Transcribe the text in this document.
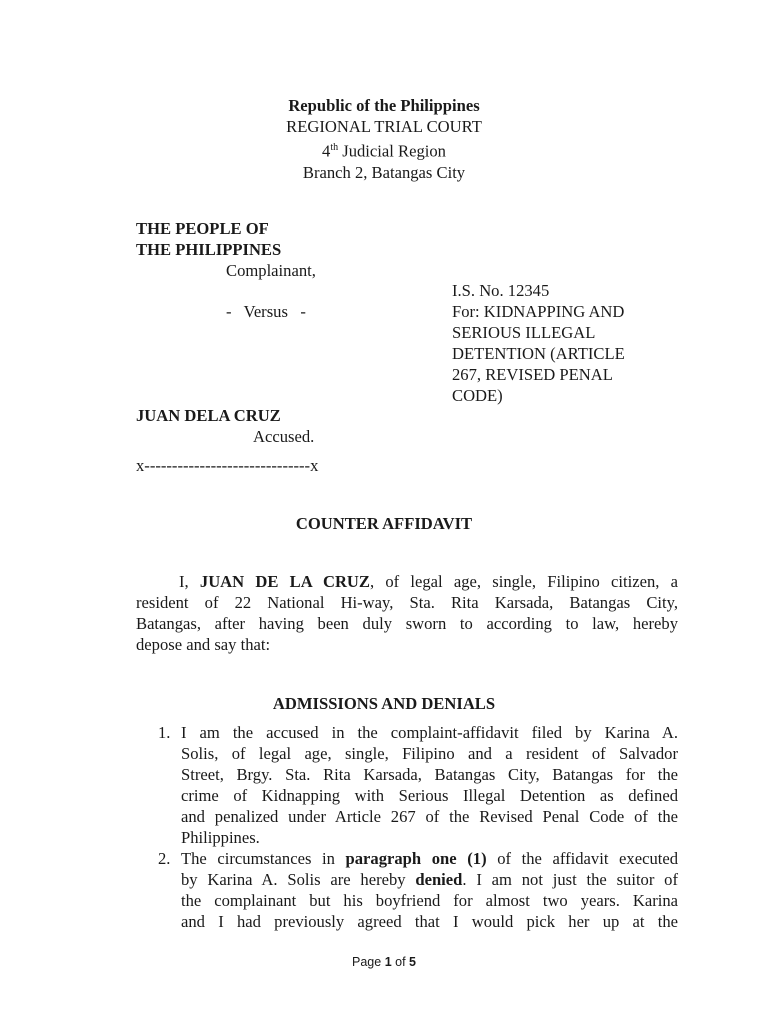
Republic of the Philippines
REGIONAL TRIAL COURT
4th Judicial Region
Branch 2, Batangas City
THE PEOPLE OF
THE PHILIPPINES
Complainant,
-   Versus   -
I.S. No. 12345
For: KIDNAPPING AND
SERIOUS ILLEGAL
DETENTION (ARTICLE
267, REVISED PENAL
CODE)
JUAN DELA CRUZ
Accused.
x------------------------------x
COUNTER AFFIDAVIT
I, JUAN DE LA CRUZ, of legal age, single, Filipino citizen, a
resident of 22 National Hi-way, Sta. Rita Karsada, Batangas City,
Batangas, after having been duly sworn to according to law, hereby
depose and say that:
ADMISSIONS AND DENIALS
1. I am the accused in the complaint-affidavit filed by Karina A.
Solis, of legal age, single, Filipino and a resident of Salvador
Street, Brgy. Sta. Rita Karsada, Batangas City, Batangas for the
crime of Kidnapping with Serious Illegal Detention as defined
and penalized under Article 267 of the Revised Penal Code of the
Philippines.
2. The circumstances in paragraph one (1) of the affidavit executed
by Karina A. Solis are hereby denied. I am not just the suitor of
the complainant but his boyfriend for almost two years. Karina
and I had previously agreed that I would pick her up at the
Page 1 of 5
